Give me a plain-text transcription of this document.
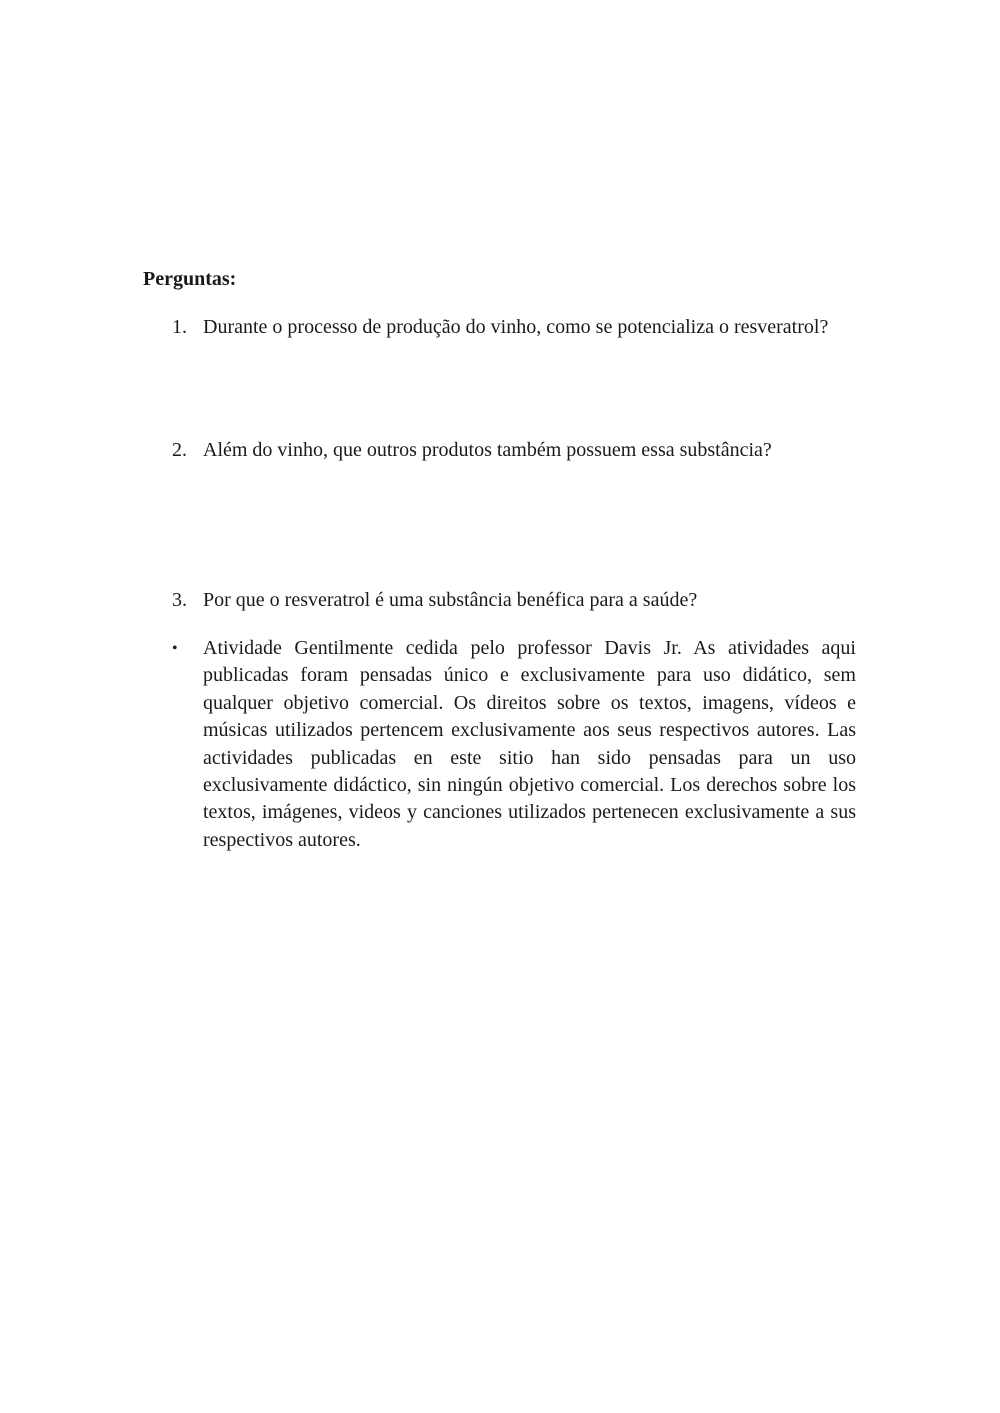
Perguntas:
1. Durante o processo de produção do vinho, como se potencializa o resveratrol?
2. Além do vinho, que outros produtos também possuem essa substância?
3. Por que o resveratrol é uma substância benéfica para a saúde?
• Atividade Gentilmente cedida pelo professor Davis Jr. As atividades aqui publicadas foram pensadas único e exclusivamente para uso didático, sem qualquer objetivo comercial. Os direitos sobre os textos, imagens, vídeos e músicas utilizados pertencem exclusivamente aos seus respectivos autores. Las actividades publicadas en este sitio han sido pensadas para un uso exclusivamente didáctico, sin ningún objetivo comercial. Los derechos sobre los textos, imágenes, videos y canciones utilizados pertenecen exclusivamente a sus respectivos autores.
